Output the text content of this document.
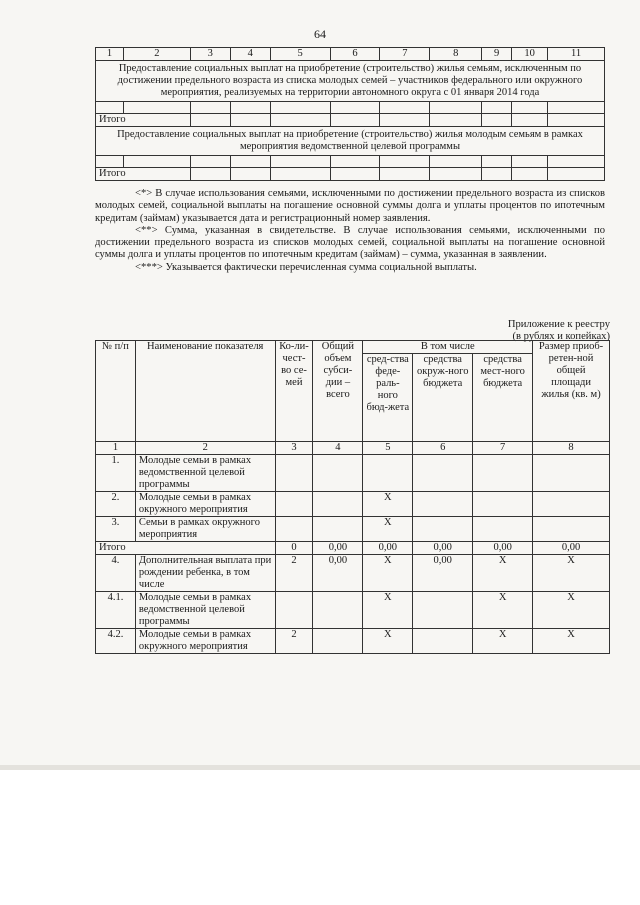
64
1	2	3	4	5	6	7	8	9	10	11
Предоставление социальных выплат на приобретение (строительство) жилья семьям, исключенным по достижении предельного возраста из списка молодых семей – участников федерального или окружного мероприятия, реализуемых на территории автономного округа с 01 января 2014 года										

Итого										
Предоставление социальных выплат на приобретение (строительство) жилья молодым семьям в рамках мероприятия ведомственной целевой программы										

Итого										

<*> В случае использования семьями, исключенными по достижении предельного возраста из списков молодых семей, социальной выплаты на погашение основной суммы долга и уплаты процентов по ипотечным кредитам (займам) указывается дата и регистрационный номер заявления.

<**> Сумма, указанная в свидетельстве. В случае использования семьями, исключенными по достижении предельного возраста из списков молодых семей, социальной выплаты на погашение основной суммы долга и уплаты процентов по ипотечным кредитам (займам) – сумма, указанная в заявлении.

<***> Указывается фактически перечисленная сумма социальной выплаты.

Приложение к реестру
(в рублях и копейках)
№ п/п	Наименование показателя	Ко-ли-чест-во се-мей	Общий объем субси-дии – всего	В том числе			Размер приоб-ретен-ной общей площади жилья (кв. м)
				сред-ства феде-раль-ного бюд-жета	средства окруж-ного бюджета	средства мест-ного бюджета	
1	2	3	4	5	6	7	8
1.	Молодые семьи в рамках ведомственной целевой программы						
2.	Молодые семьи в рамках окружного мероприятия			X			
3.	Семьи в рамках окружного мероприятия			X			
Итого		0	0,00	0,00	0,00	0,00	0,00
4.	Дополнительная выплата при рождении ребенка, в том числе	2	0,00	X	0,00	X	X
4.1.	Молодые семьи в рамках ведомственной целевой программы			X		X	X
4.2.	Молодые семьи в рамках окружного мероприятия	2		X		X	X
